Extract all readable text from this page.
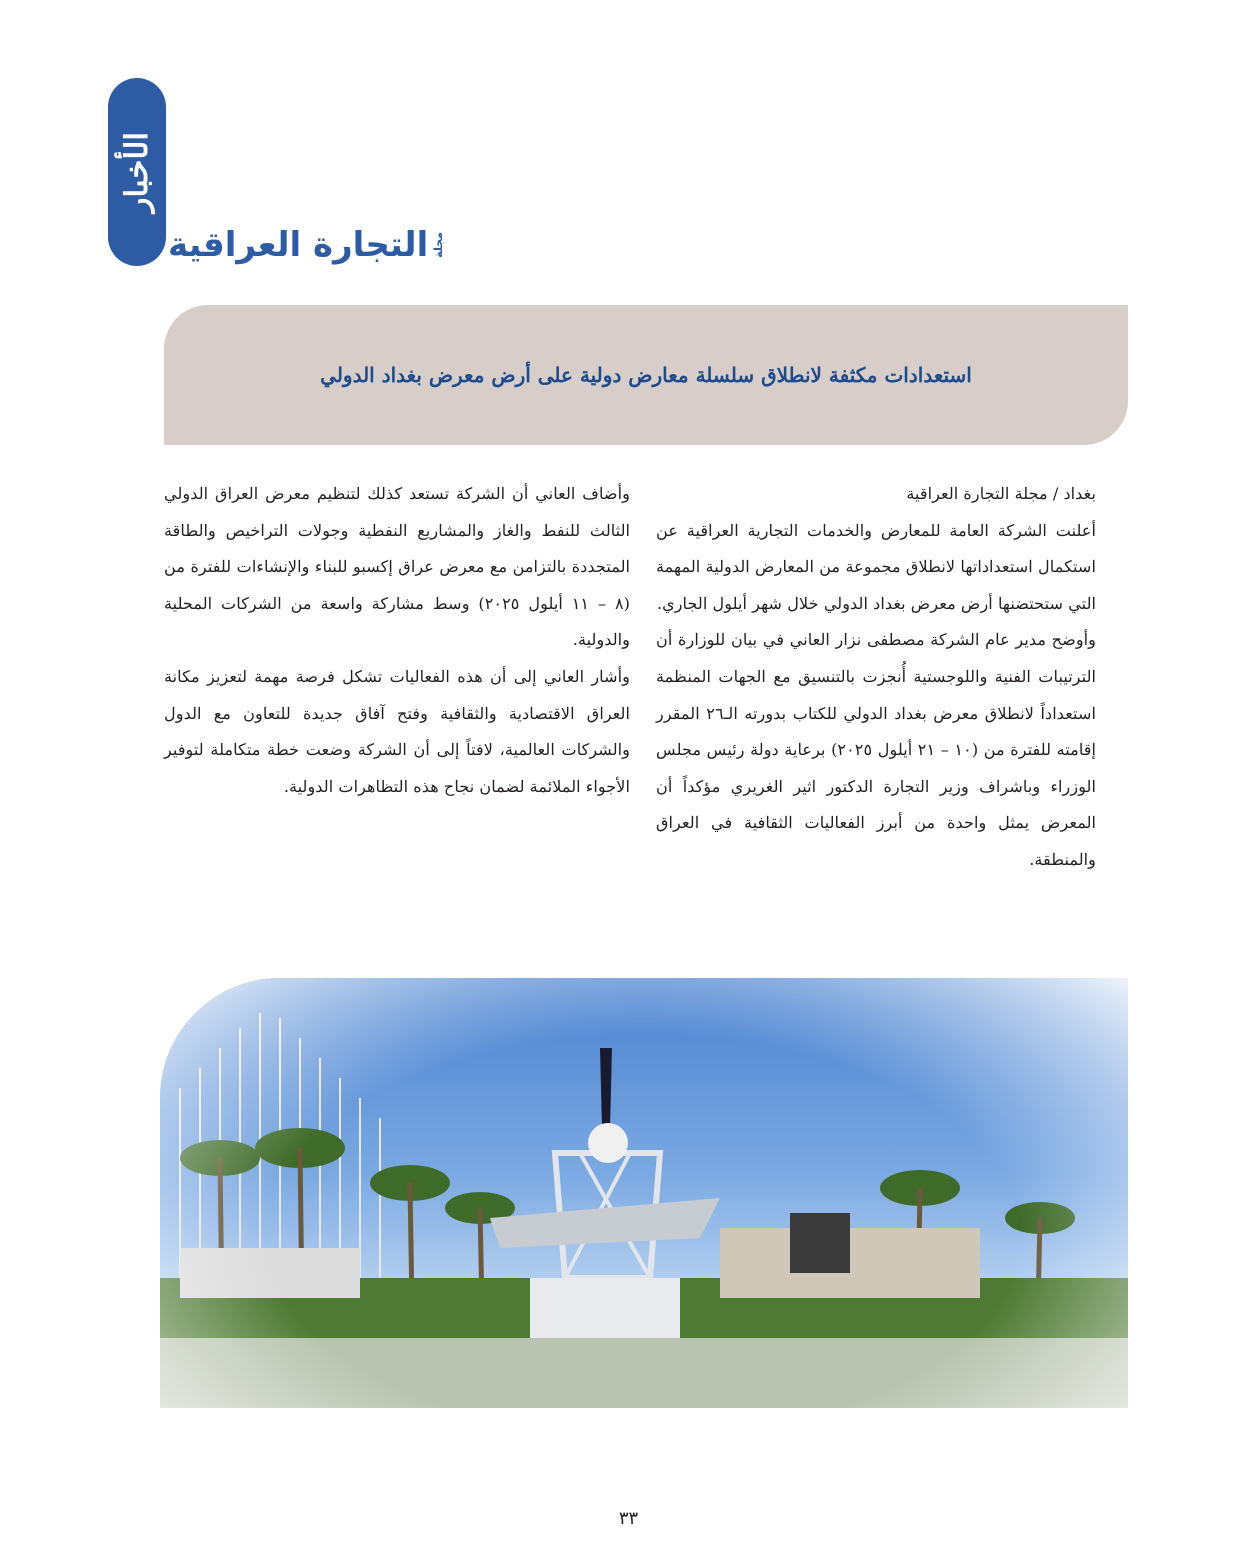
الأخبار
مجلة
التجارة العراقية
استعدادات مكثفة لانطلاق سلسلة معارض دولية على أرض معرض بغداد الدولي

بغداد / مجلة التجارة العراقية

أعلنت الشركة العامة للمعارض والخدمات التجارية العراقية عن استكمال استعداداتها لانطلاق مجموعة من المعارض الدولية المهمة التي ستحتضنها أرض معرض بغداد الدولي خلال شهر أيلول الجاري.

وأوضح مدير عام الشركة مصطفى نزار العاني في بيان للوزارة أن الترتيبات الفنية واللوجستية أُنجزت بالتنسيق مع الجهات المنظمة استعداداً لانطلاق معرض بغداد الدولي للكتاب بدورته الـ٢٦ المقرر إقامته للفترة من (١٠ – ٢١ أيلول ٢٠٢٥) برعاية دولة رئيس مجلس الوزراء وباشراف وزير التجارة الدكتور اثير الغريري مؤكداً أن المعرض يمثل واحدة من أبرز الفعاليات الثقافية في العراق والمنطقة.

وأضاف العاني أن الشركة تستعد كذلك لتنظيم معرض العراق الدولي الثالث للنفط والغاز والمشاريع النفطية وجولات التراخيص والطاقة المتجددة بالتزامن مع معرض عراق إكسبو للبناء والإنشاءات للفترة من (٨ – ١١ أيلول ٢٠٢٥) وسط مشاركة واسعة من الشركات المحلية والدولية.

وأشار العاني إلى أن هذه الفعاليات تشكل فرصة مهمة لتعزيز مكانة العراق الاقتصادية والثقافية وفتح آفاق جديدة للتعاون مع الدول والشركات العالمية، لافتاً إلى أن الشركة وضعت خطة متكاملة لتوفير الأجواء الملائمة لضمان نجاح هذه التظاهرات الدولية.

٣٣
